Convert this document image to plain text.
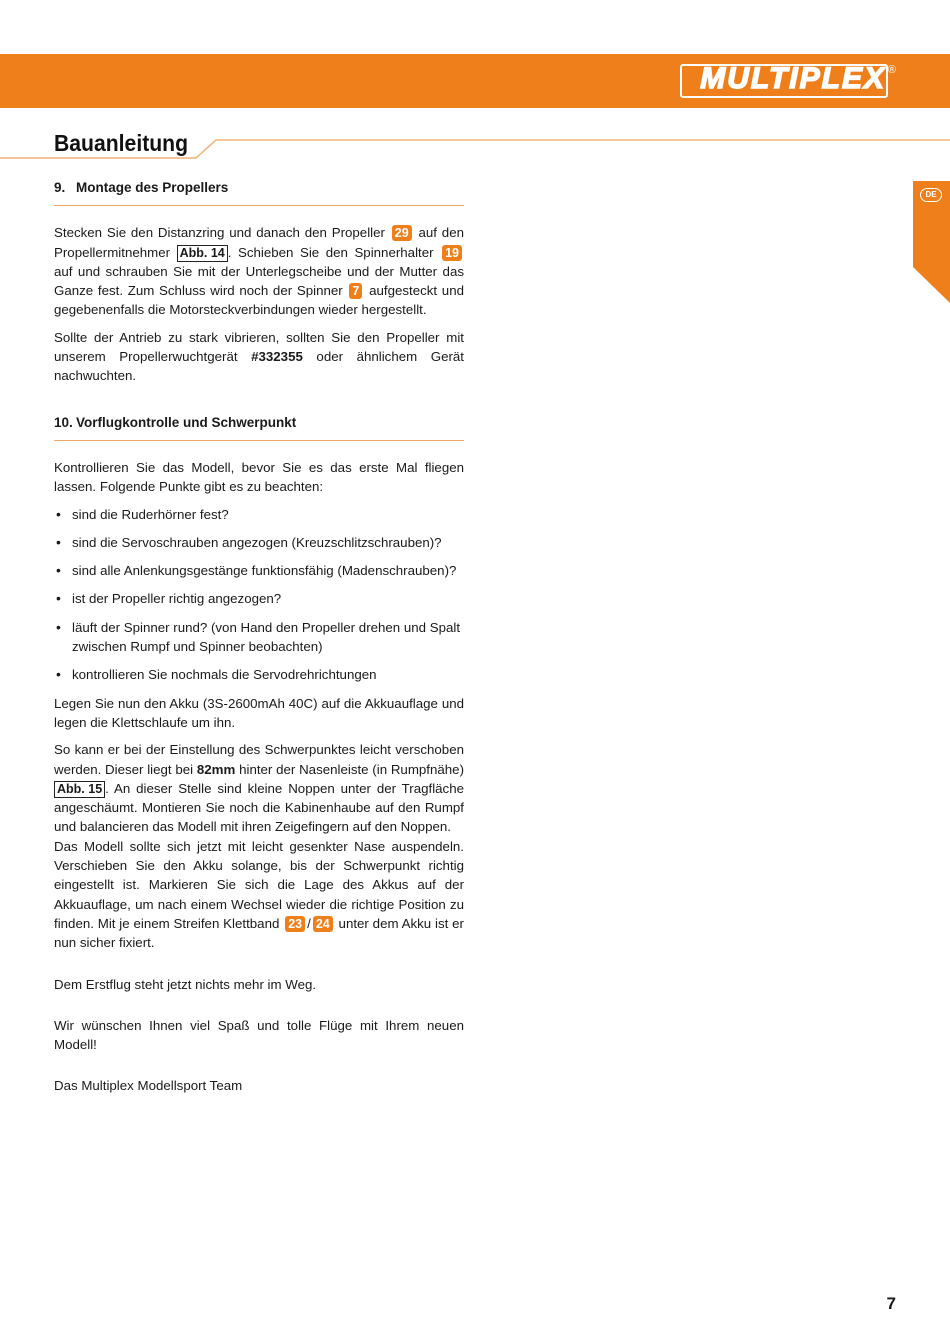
MULTIPLEX ®
Bauanleitung
DE
9. Montage des Propellers

Stecken Sie den Distanzring und danach den Propeller 29 auf den Propellermitnehmer Abb. 14 . Schieben Sie den Spinnerhalter 19 auf und schrauben Sie mit der Unterlegscheibe und der Mutter das Ganze fest. Zum Schluss wird noch der Spinner 7 aufgesteckt und gegebenenfalls die Motorsteckverbindungen wieder hergestellt.

Sollte der Antrieb zu stark vibrieren, sollten Sie den Propeller mit unserem Propellerwuchtgerät #332355 oder ähnlichem Gerät nachwuchten.

10. Vorflugkontrolle und Schwerpunkt

Kontrollieren Sie das Modell, bevor Sie es das erste Mal fliegen lassen. Folgende Punkte gibt es zu beachten:

• sind die Ruderhörner fest?
• sind die Servoschrauben angezogen (Kreuzschlitzschrauben)?
• sind alle Anlenkungsgestänge funktionsfähig (Madenschrauben)?
• ist der Propeller richtig angezogen?
• läuft der Spinner rund? (von Hand den Propeller drehen und Spalt zwischen Rumpf und Spinner beobachten)
• kontrollieren Sie nochmals die Servodrehrichtungen

Legen Sie nun den Akku (3S-2600mAh 40C) auf die Akkuauflage und legen die Klettschlaufe um ihn.

So kann er bei der Einstellung des Schwerpunktes leicht verschoben werden. Dieser liegt bei 82mm hinter der Nasenleiste (in Rumpfnähe) Abb. 15 . An dieser Stelle sind kleine Noppen unter der Tragfläche angeschäumt. Montieren Sie noch die Kabinenhaube auf den Rumpf und balancieren das Modell mit ihren Zeigefingern auf den Noppen.
Das Modell sollte sich jetzt mit leicht gesenkter Nase auspendeln. Verschieben Sie den Akku solange, bis der Schwerpunkt richtig eingestellt ist. Markieren Sie sich die Lage des Akkus auf der Akkuauflage, um nach einem Wechsel wieder die richtige Position zu finden. Mit je einem Streifen Klettband 23 / 24 unter dem Akku ist er nun sicher fixiert.

Dem Erstflug steht jetzt nichts mehr im Weg.

Wir wünschen Ihnen viel Spaß und tolle Flüge mit Ihrem neuen Modell!

Das Multiplex Modellsport Team

7
